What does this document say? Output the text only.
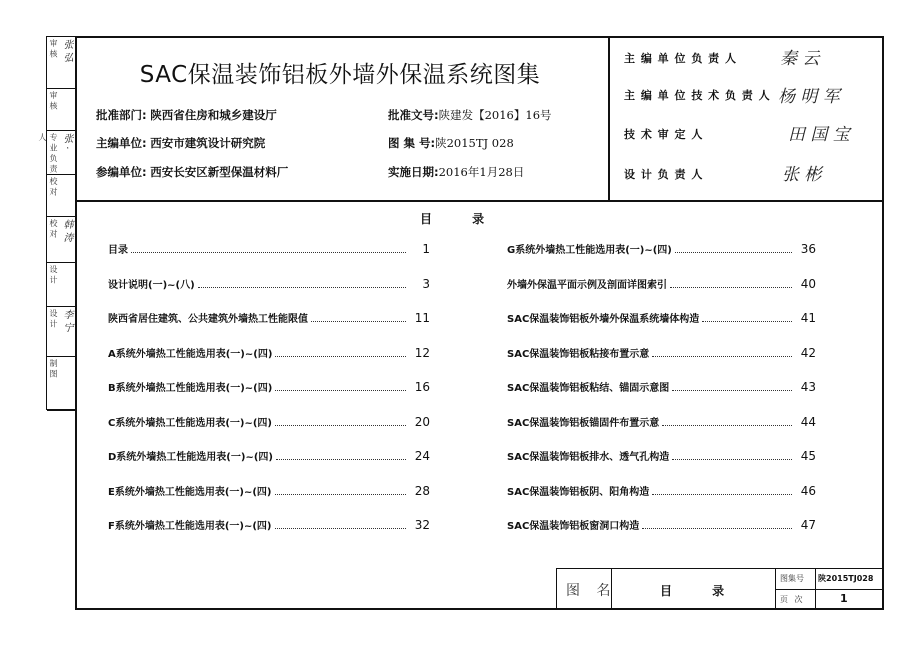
审 核 张 弘
审 核
专 业 负 责 人	张 ·
校 对
校 对 韩 涛
设 计
设 计 李 宁
制 图
SAC保温装饰铝板外墙外保温系统图集
批准部门: 陕西省住房和城乡建设厅
主编单位: 西安市建筑设计研究院
参编单位: 西安长安区新型保温材料厂
批准文号:陕建发【2016】16号
图 集 号:陕2015TJ 028
实施日期:2016年1月28日
主 编 单 位 负 责 人	秦 云
主 编 单 位 技 术 负 责 人 杨 明 军
技 术 审 定 人	田 国 宝
设 计 负 责 人	张 彬
目 录
目录	1
设计说明(一)~(八)	3
陕西省居住建筑、公共建筑外墙热工性能限值	11
A系统外墙热工性能选用表(一)~(四)	12
B系统外墙热工性能选用表(一)~(四)	16
C系统外墙热工性能选用表(一)~(四)	20
D系统外墙热工性能选用表(一)~(四)	24
E系统外墙热工性能选用表(一)~(四)	28
F系统外墙热工性能选用表(一)~(四)	32
G系统外墙热工性能选用表(一)~(四)	36
外墙外保温平面示例及剖面详图索引	40
SAC保温装饰铝板外墙外保温系统墙体构造	41
SAC保温装饰铝板粘接布置示意	42
SAC保温装饰铝板粘结、锚固示意图	43
SAC保温装饰铝板锚固件布置示意	44
SAC保温装饰铝板排水、透气孔构造	45
SAC保温装饰铝板阴、阳角构造	46
SAC保温装饰铝板窗洞口构造	47
图 名	目 录
图集号 陕2015TJ028
页 次	1
